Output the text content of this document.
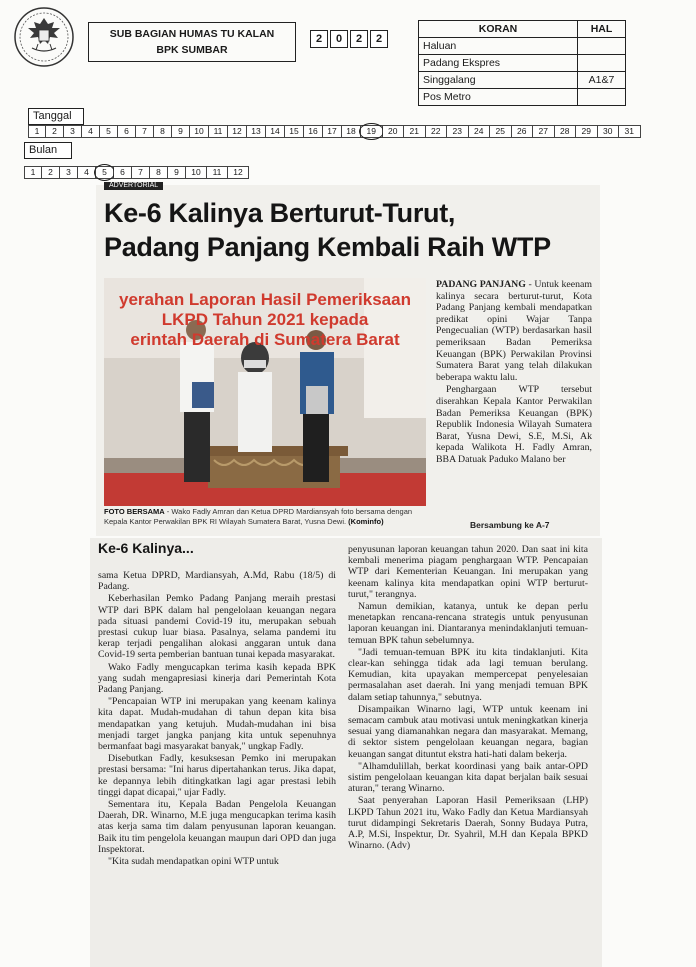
SUB BAGIAN HUMAS TU KALAN
BPK SUMBAR
2	0	2	2
KORAN	HAL
Haluan	
Padang Ekspres	
Singgalang	A1&7
Pos Metro	
Tanggal
1	2	3	4	5	6	7	8	9	10	11	12	13	14	15	16	17	18	19	20	21	22	23	24	25	26	27	28	29	30	31
Bulan
1	2	3	4	5	6	7	8	9	10	11	12
ADVERTORIAL
Ke-6 Kalinya Berturut-Turut,
Padang Panjang Kembali Raih WTP
yerahan Laporan Hasil Pemeriksaan
LKPD Tahun 2021 kepada
erintah Daerah di Sumatera Barat
FOTO BERSAMA - Wako Fadly Amran dan Ketua DPRD Mardiansyah foto bersama dengan Kepala Kantor Perwakilan BPK RI Wilayah Sumatera Barat, Yusna Dewi. (Kominfo)

PADANG PANJANG - Untuk keenam kalinya secara berturut-turut, Kota Padang Panjang kembali mendapatkan predikat opini Wajar Tanpa Pengecualian (WTP) berdasarkan hasil pemeriksaan Badan Pemeriksa Keuangan (BPK) Perwakilan Provinsi Sumatera Barat yang telah dilakukan beberapa waktu lalu.

Penghargaan WTP tersebut diserahkan Kepala Kantor Perwakilan Badan Pemeriksa Keuangan (BPK) Republik Indonesia Wilayah Sumatera Barat, Yusna Dewi, S.E, M.Si, Ak kepada Walikota H. Fadly Amran, BBA Datuak Paduko Malano ber

Bersambung ke A-7
Ke-6 Kalinya...

sama Ketua DPRD, Mardiansyah, A.Md, Rabu (18/5) di Padang.

Keberhasilan Pemko Padang Panjang meraih prestasi WTP dari BPK dalam hal pengelolaan keuangan negara pada situasi pandemi Covid-19 itu, merupakan sebuah prestasi cukup luar biasa. Pasalnya, selama pandemi itu kerap terjadi pengalihan alokasi anggaran untuk dana Covid-19 serta pemberian bantuan tunai kepada masyarakat.

Wako Fadly mengucapkan terima kasih kepada BPK yang sudah mengapresiasi kinerja dari Pemerintah Kota Padang Panjang.

"Pencapaian WTP ini merupakan yang keenam kalinya kita dapat. Mudah-mudahan di tahun depan kita bisa mendapatkan yang ketujuh. Mudah-mudahan ini bisa menjadi target jangka panjang kita untuk sepenuhnya bermanfaat bagi masyarakat banyak," ungkap Fadly.

Disebutkan Fadly, kesuksesan Pemko ini merupakan prestasi bersama: "Ini harus dipertahankan terus. Jika dapat, ke depannya lebih ditingkatkan lagi agar prestasi lebih tinggi dapat dicapai," ujar Fadly.

Sementara itu, Kepala Badan Pengelola Keuangan Daerah, DR. Winarno, M.E juga mengucapkan terima kasih atas kerja sama tim dalam penyusunan laporan keuangan. Baik itu tim pengelola keuangan maupun dari OPD dan juga Inspektorat.

"Kita sudah mendapatkan opini WTP untuk

penyusunan laporan keuangan tahun 2020. Dan saat ini kita kembali menerima piagam penghargaan WTP. Pencapaian WTP dari Kementerian Keuangan. Ini merupakan yang keenam kalinya kita mendapatkan opini WTP berturut-turut," terangnya.

Namun demikian, katanya, untuk ke depan perlu menetapkan rencana-rencana strategis untuk penyusunan laporan keuangan ini. Diantaranya menindaklanjuti temuan-temuan BPK tahun sebelumnya.

"Jadi temuan-temuan BPK itu kita tindaklanjuti. Kita clear-kan sehingga tidak ada lagi temuan berulang. Kemudian, kita upayakan mempercepat penyelesaian permasalahan aset daerah. Ini yang menjadi temuan BPK dalam setiap tahunnya," sebutnya.

Disampaikan Winarno lagi, WTP untuk keenam ini semacam cambuk atau motivasi untuk meningkatkan kinerja sesuai yang diamanahkan negara dan masyarakat. Memang, di sektor sistem pengelolaan keuangan negara, bagian keuangan sangat dituntut ekstra hati-hati dalam bekerja.

"Alhamdulillah, berkat koordinasi yang baik antar-OPD sistim pengelolaan keuangan kita dapat berjalan baik sesuai aturan," terang Winarno.

Saat penyerahan Laporan Hasil Pemeriksaan (LHP) LKPD Tahun 2021 itu, Wako Fadly dan Ketua Mardiansyah turut didampingi Sekretaris Daerah, Sonny Budaya Putra, A.P, M.Si, Inspektur, Dr. Syahril, M.H dan Kepala BPKD Winarno. (Adv)
